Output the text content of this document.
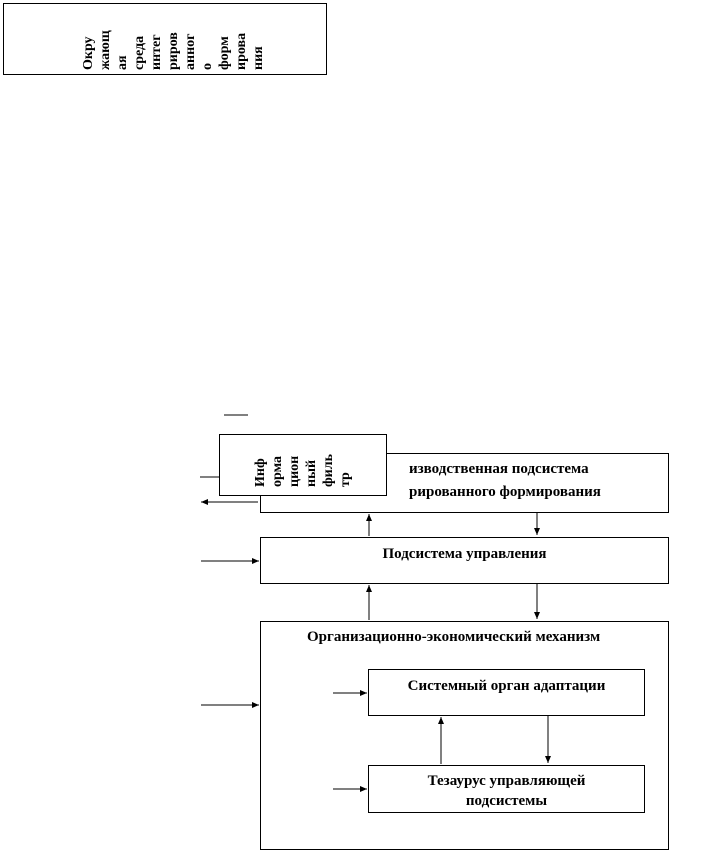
Окру жающ ая среда интег риров анног о форм ирова ния
изводственная подсистема
рированного формирования
Инф орма цион ный филь тр
Подсистема управления
Организационно-экономический механизм
Системный орган адаптации
Тезаурус управляющей
подсистемы
